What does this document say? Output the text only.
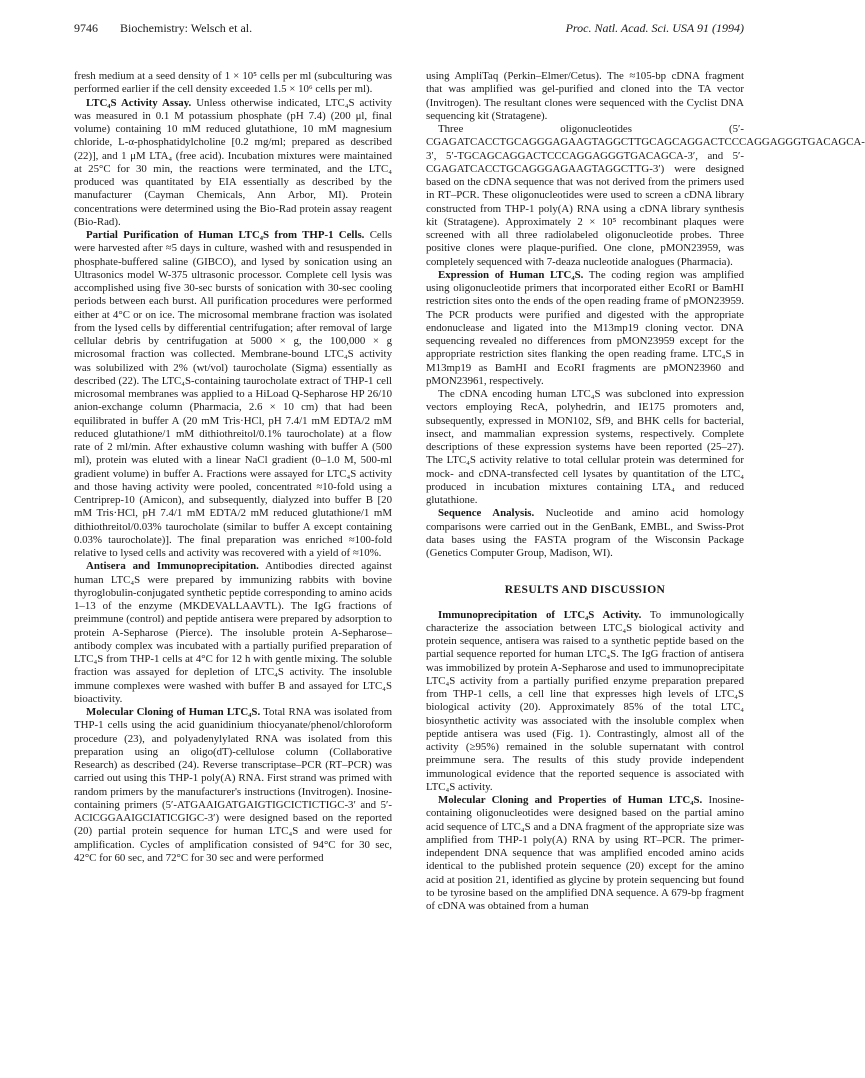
9746 Biochemistry: Welsch et al.	Proc. Natl. Acad. Sci. USA 91 (1994)

fresh medium at a seed density of 1 × 10⁵ cells per ml (subculturing was performed earlier if the cell density exceeded 1.5 × 10⁶ cells per ml).

LTC₄S Activity Assay. Unless otherwise indicated, LTC₄S activity was measured in 0.1 M potassium phosphate (pH 7.4) (200 μl, final volume) containing 10 mM reduced glutathione, 10 mM magnesium chloride, L-α-phosphatidylcholine [0.2 mg/ml; prepared as described (22)], and 1 μM LTA₄ (free acid). Incubation mixtures were maintained at 25°C for 30 min, the reactions were terminated, and the LTC₄ produced was quantitated by EIA essentially as described by the manufacturer (Cayman Chemicals, Ann Arbor, MI). Protein concentrations were determined using the Bio-Rad protein assay reagent (Bio-Rad).

Partial Purification of Human LTC₄S from THP-1 Cells. Cells were harvested after ≈5 days in culture, washed with and resuspended in phosphate-buffered saline (GIBCO), and lysed by sonication using an Ultrasonics model W-375 ultrasonic processor. Complete cell lysis was accomplished using five 30-sec bursts of sonication with 30-sec cooling periods between each burst. All purification procedures were performed either at 4°C or on ice. The microsomal membrane fraction was isolated from the lysed cells by differential centrifugation; after removal of large cellular debris by centrifugation at 5000 × g, the 100,000 × g microsomal fraction was collected. Membrane-bound LTC₄S activity was solubilized with 2% (wt/vol) taurocholate (Sigma) essentially as described (22). The LTC₄S-containing taurocholate extract of THP-1 cell microsomal membranes was applied to a HiLoad Q-Sepharose HP 26/10 anion-exchange column (Pharmacia, 2.6 × 10 cm) that had been equilibrated in buffer A (20 mM Tris·HCl, pH 7.4/1 mM EDTA/2 mM reduced glutathione/1 mM dithiothreitol/0.1% taurocholate) at a flow rate of 2 ml/min. After exhaustive column washing with buffer A (500 ml), protein was eluted with a linear NaCl gradient (0–1.0 M, 500-ml gradient volume) in buffer A. Fractions were assayed for LTC₄S activity and those having activity were pooled, concentrated ≈10-fold using a Centriprep-10 (Amicon), and subsequently, dialyzed into buffer B [20 mM Tris·HCl, pH 7.4/1 mM EDTA/2 mM reduced glutathione/1 mM dithiothreitol/0.03% taurocholate (similar to buffer A except containing 0.03% taurocholate)]. The final preparation was enriched ≈100-fold relative to lysed cells and activity was recovered with a yield of ≈10%.

Antisera and Immunoprecipitation. Antibodies directed against human LTC₄S were prepared by immunizing rabbits with bovine thyroglobulin-conjugated synthetic peptide corresponding to amino acids 1–13 of the enzyme (MKDEVALLAAVTL). The IgG fractions of preimmune (control) and peptide antisera were prepared by adsorption to protein A-Sepharose (Pierce). The insoluble protein A-Sepharose–antibody complex was incubated with a partially purified preparation of LTC₄S from THP-1 cells at 4°C for 12 h with gentle mixing. The soluble fraction was assayed for depletion of LTC₄S activity. The insoluble immune complexes were washed with buffer B and assayed for LTC₄S bioactivity.

Molecular Cloning of Human LTC₄S. Total RNA was isolated from THP-1 cells using the acid guanidinium thiocyanate/phenol/chloroform procedure (23), and polyadenylylated RNA was isolated from this preparation using an oligo(dT)-cellulose column (Collaborative Research) as described (24). Reverse transcriptase–PCR (RT–PCR) was carried out using this THP-1 poly(A) RNA. First strand was primed with random primers by the manufacturer's instructions (Invitrogen). Inosine-containing primers (5′-ATGAAIGATGAIGTIGCICTICTIGC-3′ and 5′-ACICGGAAIGCIATICGIGC-3′) were designed based on the reported (20) partial protein sequence for human LTC₄S and were used for amplification. Cycles of amplification consisted of 94°C for 30 sec, 42°C for 60 sec, and 72°C for 30 sec and were performed

using AmpliTaq (Perkin–Elmer/Cetus). The ≈105-bp cDNA fragment that was amplified was gel-purified and cloned into the TA vector (Invitrogen). The resultant clones were sequenced with the Cyclist DNA sequencing kit (Stratagene).

Three oligonucleotides (5′-CGAGATCACCTGCAGGGAGAAGTAGGCTTGCAGCAGGACTCCCAGGAGGGTGACAGCA-3′, 5′-TGCAGCAGGACTCCCAGGAGGGTGACAGCA-3′, and 5′-CGAGATCACCTGCAGGGAGAAGTAGGCTTG-3′) were designed based on the cDNA sequence that was not derived from the primers used in RT–PCR. These oligonucleotides were used to screen a cDNA library constructed from THP-1 poly(A) RNA using a cDNA library synthesis kit (Stratagene). Approximately 2 × 10⁵ recombinant plaques were screened with all three radiolabeled oligonucleotide probes. Three positive clones were plaque-purified. One clone, pMON23959, was completely sequenced with 7-deaza nucleotide analogues (Pharmacia).

Expression of Human LTC₄S. The coding region was amplified using oligonucleotide primers that incorporated either EcoRI or BamHI restriction sites onto the ends of the open reading frame of pMON23959. The PCR products were purified and digested with the appropriate endonuclease and ligated into the M13mp19 cloning vector. DNA sequencing revealed no differences from pMON23959 except for the appropriate restriction sites flanking the open reading frame. LTC₄S in M13mp19 as BamHI and EcoRI fragments are pMON23960 and pMON23961, respectively.

The cDNA encoding human LTC₄S was subcloned into expression vectors employing RecA, polyhedrin, and IE175 promoters and, subsequently, expressed in MON102, Sf9, and BHK cells for bacterial, insect, and mammalian expression systems, respectively. Complete descriptions of these expression systems have been reported (25–27). The LTC₄S activity relative to total cellular protein was determined for mock- and cDNA-transfected cell lysates by quantitation of the LTC₄ produced in incubation mixtures containing LTA₄ and reduced glutathione.

Sequence Analysis. Nucleotide and amino acid homology comparisons were carried out in the GenBank, EMBL, and Swiss-Prot data bases using the FASTA program of the Wisconsin Package (Genetics Computer Group, Madison, WI).

RESULTS AND DISCUSSION

Immunoprecipitation of LTC₄S Activity. To immunologically characterize the association between LTC₄S biological activity and protein sequence, antisera was raised to a synthetic peptide based on the partial sequence reported for human LTC₄S. The IgG fraction of antisera was immobilized by protein A-Sepharose and used to immunoprecipitate LTC₄S activity from a partially purified enzyme preparation prepared from THP-1 cells, a cell line that expresses high levels of LTC₄S biological activity (20). Approximately 85% of the total LTC₄ biosynthetic activity was associated with the insoluble complex when peptide antisera was used (Fig. 1). Contrastingly, almost all of the activity (≥95%) remained in the soluble supernatant with control preimmune sera. The results of this study provide independent immunological evidence that the reported sequence is associated with LTC₄S activity.

Molecular Cloning and Properties of Human LTC₄S. Inosine-containing oligonucleotides were designed based on the partial amino acid sequence of LTC₄S and a DNA fragment of the appropriate size was amplified from THP-1 poly(A) RNA by using RT–PCR. The primer-independent DNA sequence that was amplified encoded amino acids identical to the published protein sequence (20) except for the amino acid at position 21, identified as glycine by protein sequencing but found to be tyrosine based on the amplified DNA sequence. A 679-bp fragment of cDNA was obtained from a human
